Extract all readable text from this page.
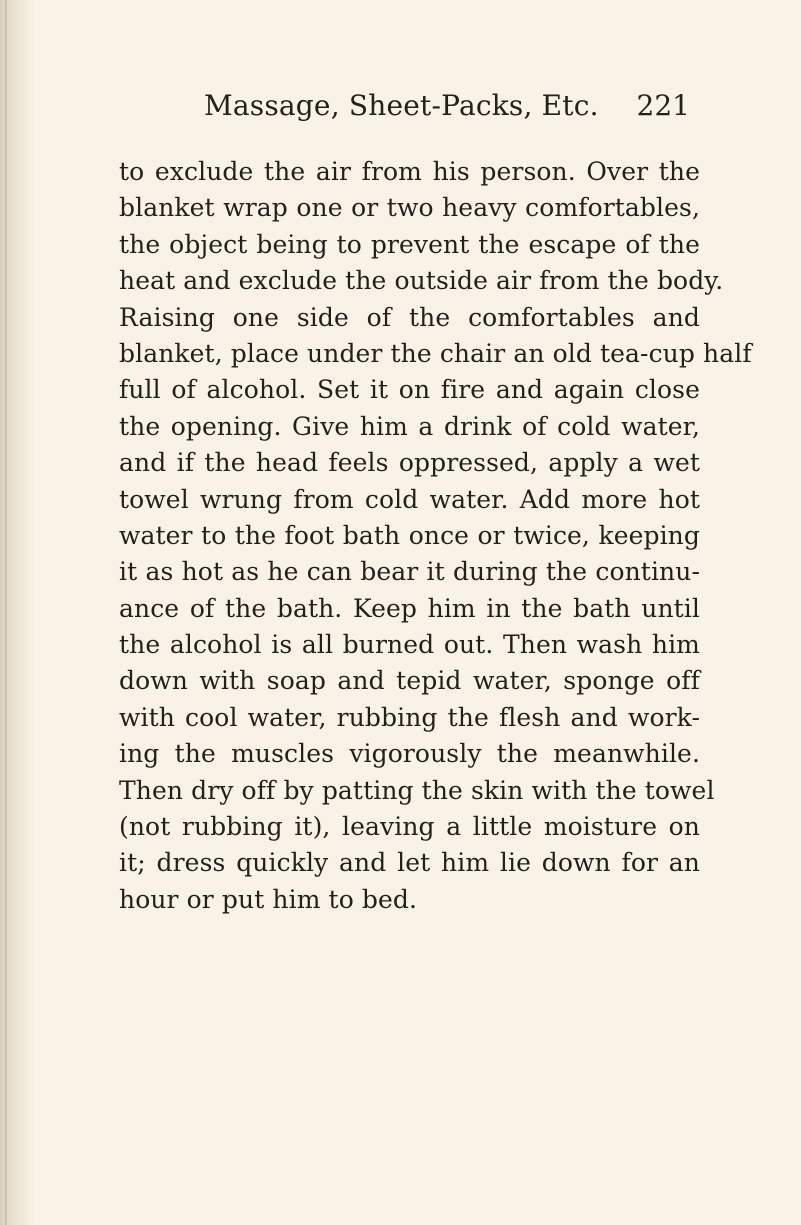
Massage, Sheet-Packs, Etc. 221
to exclude the air from his person. Over the
blanket wrap one or two heavy comfortables,
the object being to prevent the escape of the
heat and exclude the outside air from the body.
Raising one side of the comfortables and
blanket, place under the chair an old tea-cup half
full of alcohol. Set it on fire and again close
the opening. Give him a drink of cold water,
and if the head feels oppressed, apply a wet
towel wrung from cold water. Add more hot
water to the foot bath once or twice, keeping
it as hot as he can bear it during the continu-
ance of the bath. Keep him in the bath until
the alcohol is all burned out. Then wash him
down with soap and tepid water, sponge off
with cool water, rubbing the flesh and work-
ing the muscles vigorously the meanwhile.
Then dry off by patting the skin with the towel
(not rubbing it), leaving a little moisture on
it; dress quickly and let him lie down for an
hour or put him to bed.
